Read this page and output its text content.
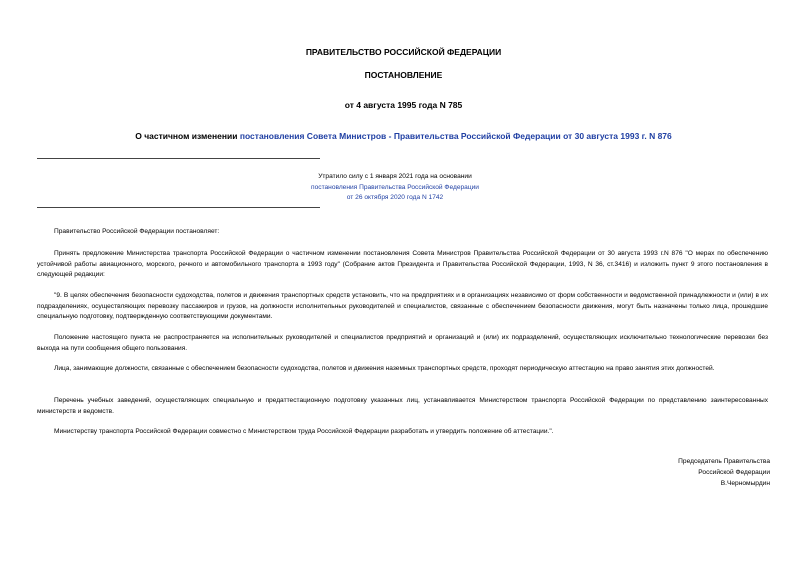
ПРАВИТЕЛЬСТВО РОССИЙСКОЙ ФЕДЕРАЦИИ
ПОСТАНОВЛЕНИЕ
от 4 августа 1995 года N 785
О частичном изменении постановления Совета Министров - Правительства Российской Федерации от 30 августа 1993 г. N 876
Утратило силу с 1 января 2021 года на основании
постановления Правительства Российской Федерации
от 26 октября 2020 года N 1742
Правительство Российской Федерации постановляет:
Принять предложение Министерства транспорта Российской Федерации о частичном изменении постановления Совета Министров Правительства Российской Федерации от 30 августа 1993 г.N 876 "О мерах по обеспечению устойчивой работы авиационного, морского, речного и автомобильного транспорта в 1993 году" (Собрание актов Президента и Правительства Российской Федерации, 1993, N 36, ст.3416) и изложить пункт 9 этого постановления в следующей редакции:
"9. В целях обеспечения безопасности судоходства, полетов и движения транспортных средств установить, что на предприятиях и в организациях независимо от форм собственности и ведомственной принадлежности и (или) в их подразделениях, осуществляющих перевозку пассажиров и грузов, на должности исполнительных руководителей и специалистов, связанные с обеспечением безопасности движения, могут быть назначены только лица, прошедшие специальную подготовку, подтвержденную соответствующими документами.
Положение настоящего пункта не распространяется на исполнительных руководителей и специалистов предприятий и организаций и (или) их подразделений, осуществляющих исключительно технологические перевозки без выхода на пути сообщения общего пользования.
Лица, занимающие должности, связанные с обеспечением безопасности судоходства, полетов и движения наземных транспортных средств, проходят периодическую аттестацию на право занятия этих должностей.
Перечень учебных заведений, осуществляющих специальную и предаттестационную подготовку указанных лиц, устанавливается Министерством транспорта Российской Федерации по представлению заинтересованных министерств и ведомств.
Министерству транспорта Российской Федерации совместно с Министерством труда Российской Федерации разработать и утвердить положение об аттестации.".
Председатель Правительства
Российской Федерации
В.Черномырдин
